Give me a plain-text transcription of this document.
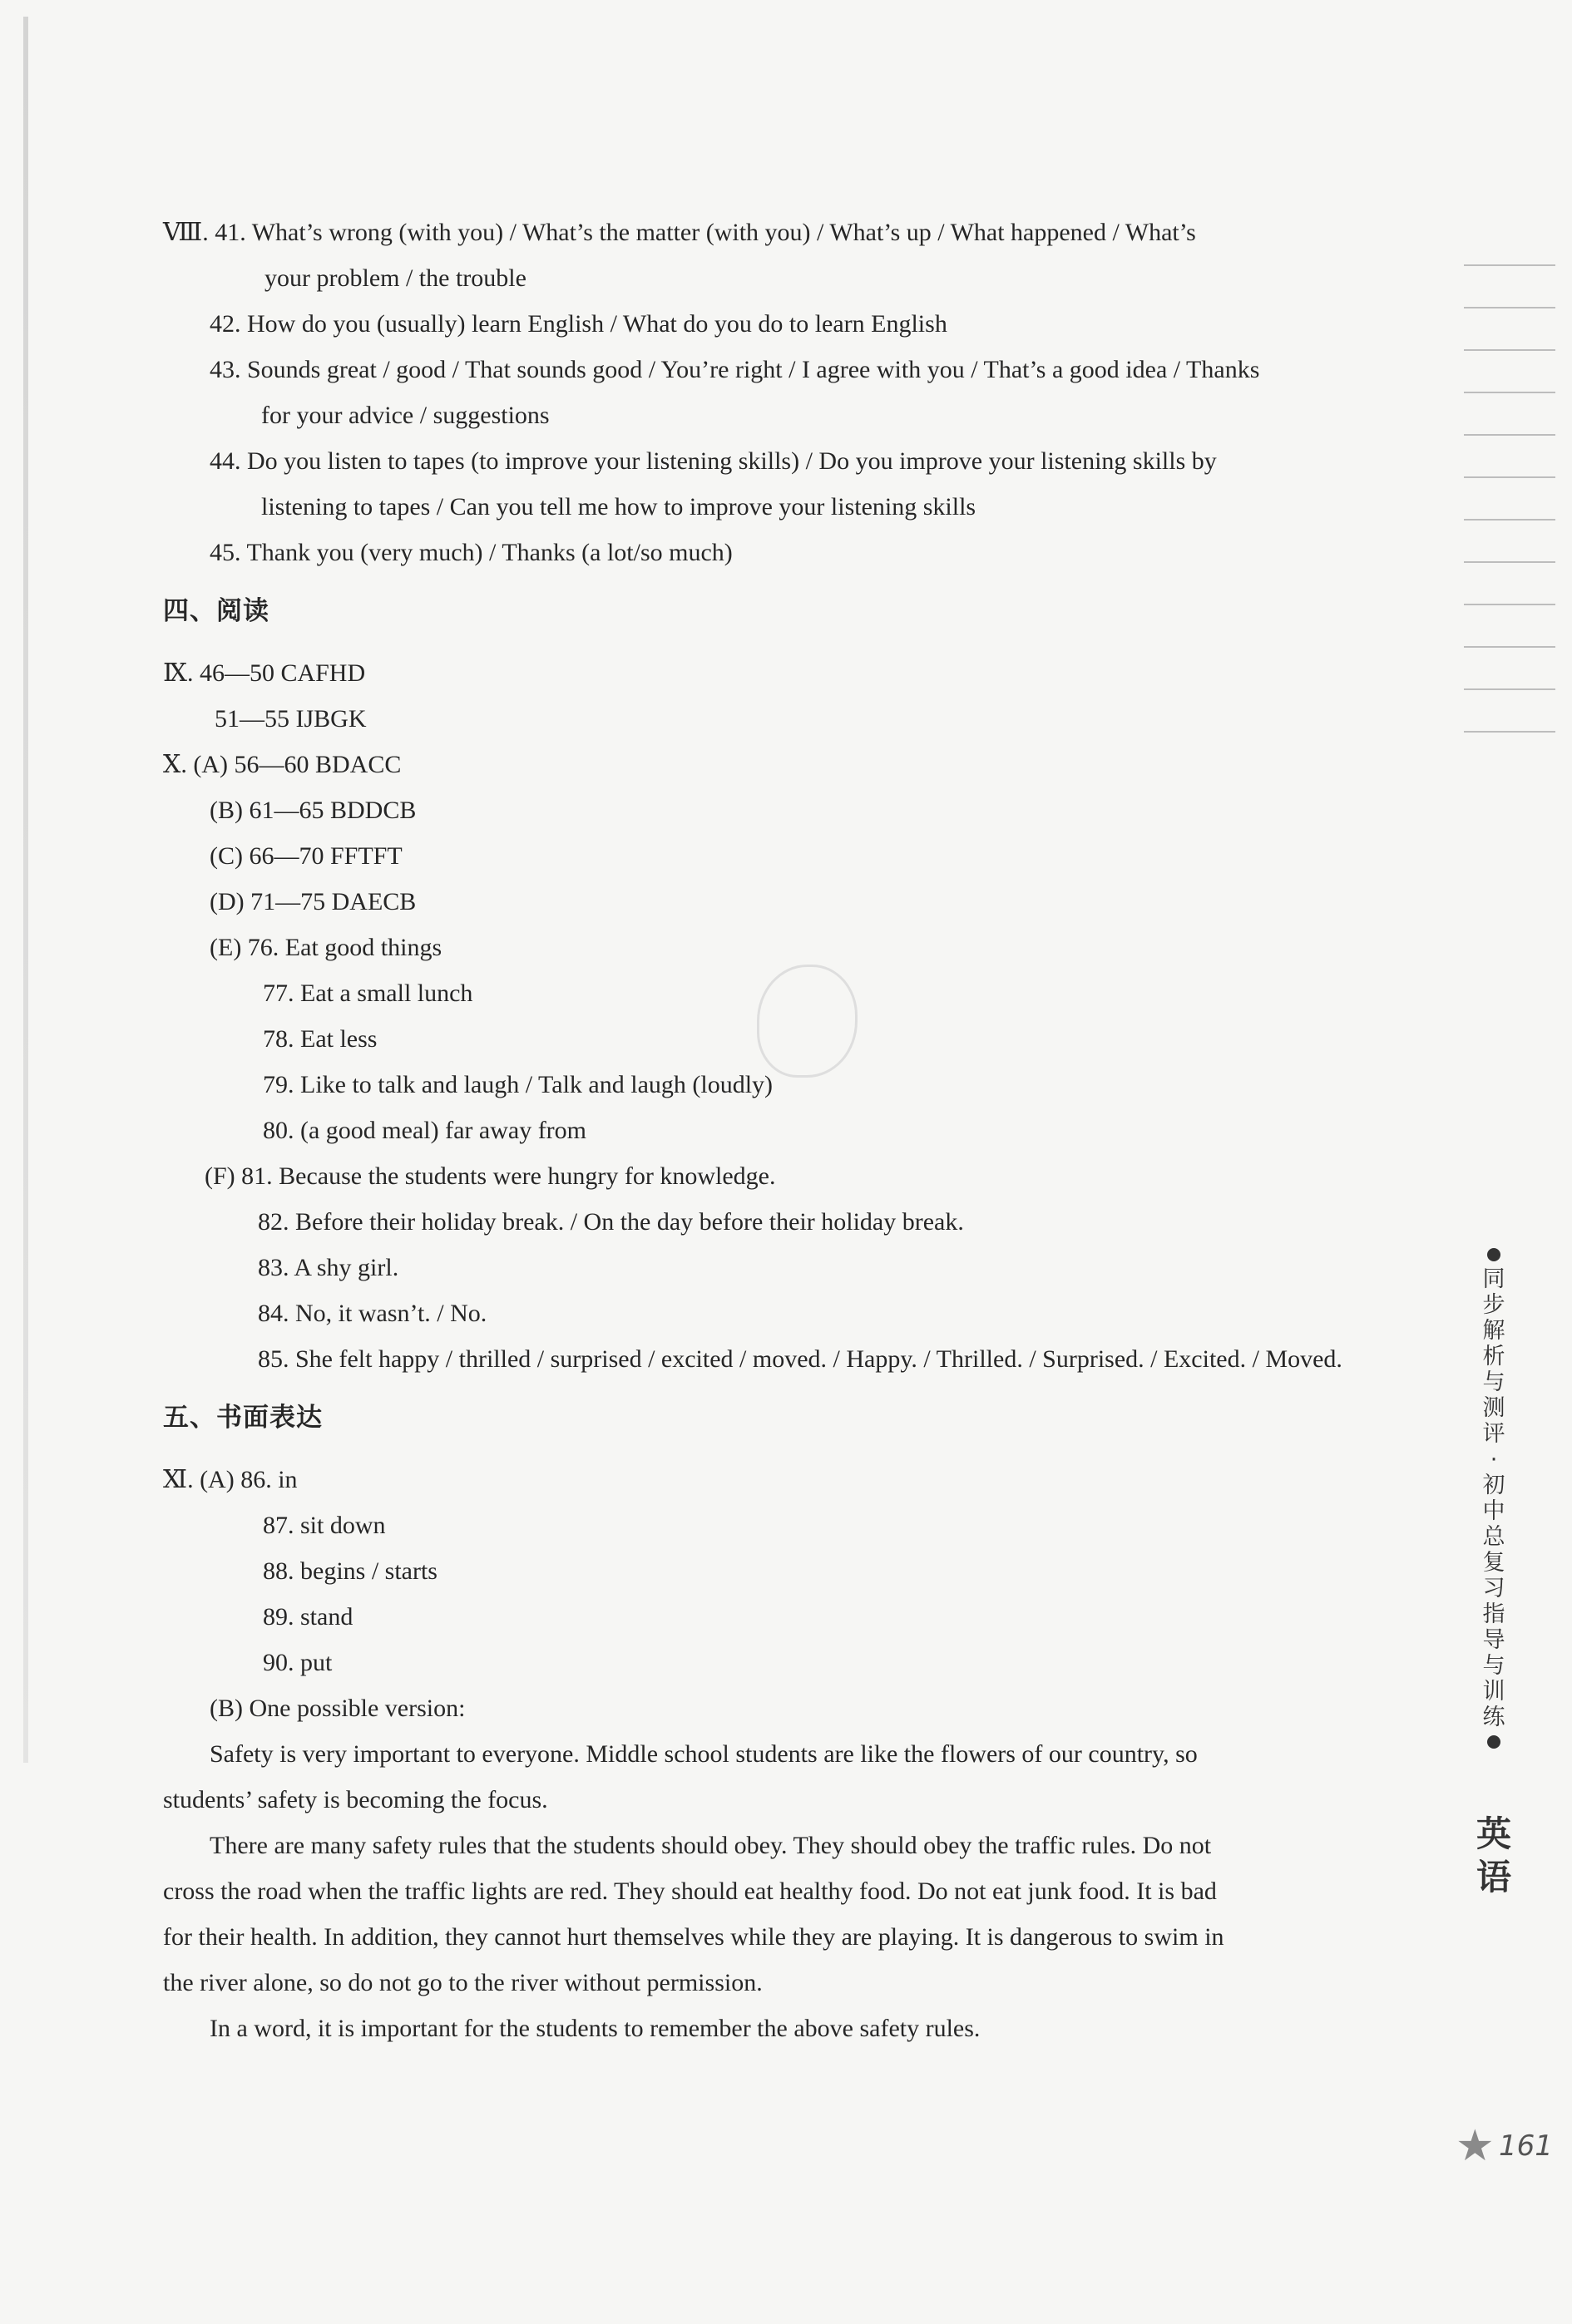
Ⅷ. 41. What’s wrong (with you) / What’s the matter (with you) / What’s up / What happened / What’s
your problem / the trouble
42. How do you (usually) learn English / What do you do to learn English
43. Sounds great / good / That sounds good / You’re right / I agree with you / That’s a good idea / Thanks
for your advice / suggestions
44. Do you listen to tapes (to improve your listening skills) / Do you improve your listening skills by
listening to tapes / Can you tell me how to improve your listening skills
45. Thank you (very much) / Thanks (a lot/so much)
Ⅸ. 46—50 CAFHD
51—55 IJBGK
Ⅹ. (A) 56—60 BDACC
(B) 61—65 BDDCB
(C) 66—70 FFTFT
(D) 71—75 DAECB
(E) 76. Eat good things
77. Eat a small lunch
78. Eat less
79. Like to talk and laugh / Talk and laugh (loudly)
80. (a good meal) far away from
(F) 81. Because the students were hungry for knowledge.
82. Before their holiday break. / On the day before their holiday break.
83. A shy girl.
84. No, it wasn’t. / No.
85. She felt happy / thrilled / surprised / excited / moved. / Happy. / Thrilled. / Surprised. / Excited. / Moved.
Ⅺ. (A) 86. in
87. sit down
88. begins / starts
89. stand
90. put
(B) One possible version:
Safety is very important to everyone. Middle school students are like the flowers of our country, so
students’ safety is becoming the focus.
There are many safety rules that the students should obey. They should obey the traffic rules. Do not
cross the road when the traffic lights are red. They should eat healthy food. Do not eat junk food. It is bad
for their health. In addition, they cannot hurt themselves while they are playing. It is dangerous to swim in
the river alone, so do not go to the river without permission.
In a word, it is important for the students to remember the above safety rules.
四、阅读
五、书面表达
同
步
解
析
与
测
评
·
初
中
总
复
习
指
导
与
训
练
英
语
★ 161
